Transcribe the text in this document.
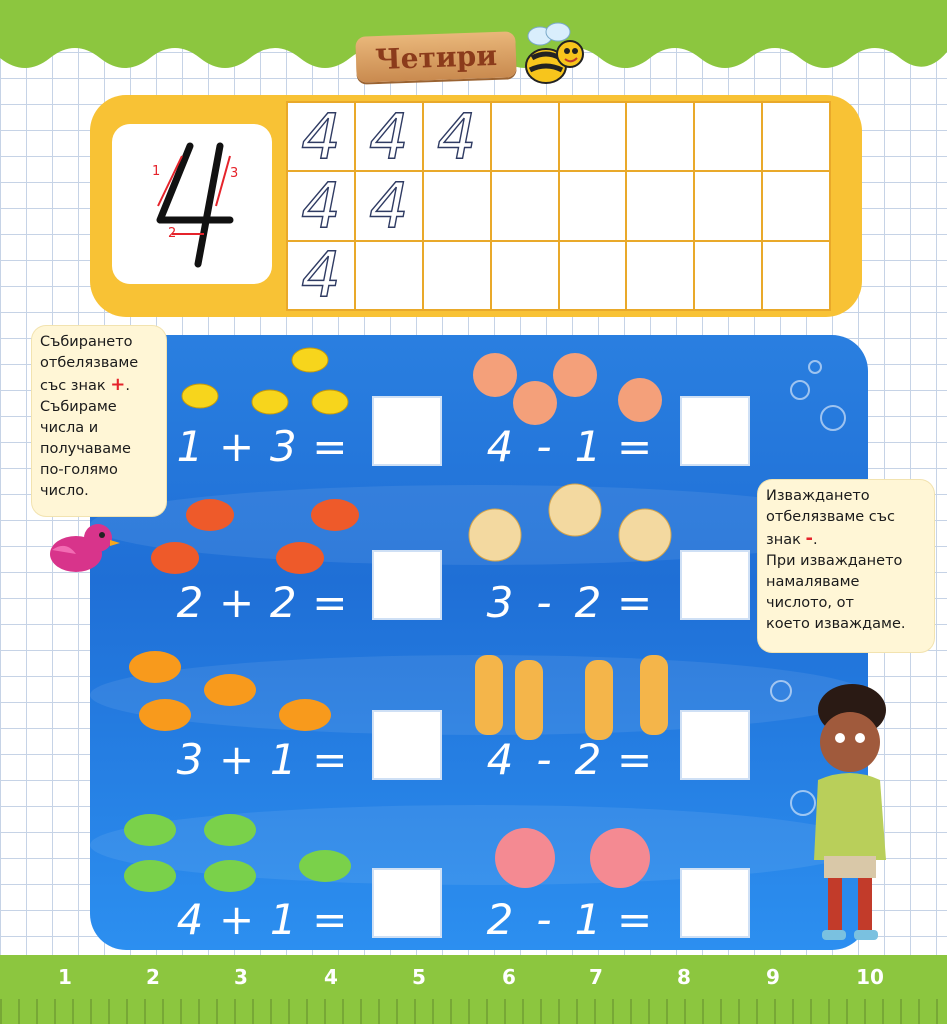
Четири
1
2
3
4	4	4					
4	4						
4							
1 + 3 =	4 - 1 =
2 + 2 =	3 - 2 =
3 + 1 =	4 - 2 =
4 + 1 =	2 - 1 =
Събирането
отбелязваме
със знак +.
Събираме
числа и
получаваме
по-голямо
число.	Изваждането
отбелязваме със
знак -.
При изваждането
намаляваме
числото, от
което изваждаме.
1	2	3	4	5	6	7	8	9	10
